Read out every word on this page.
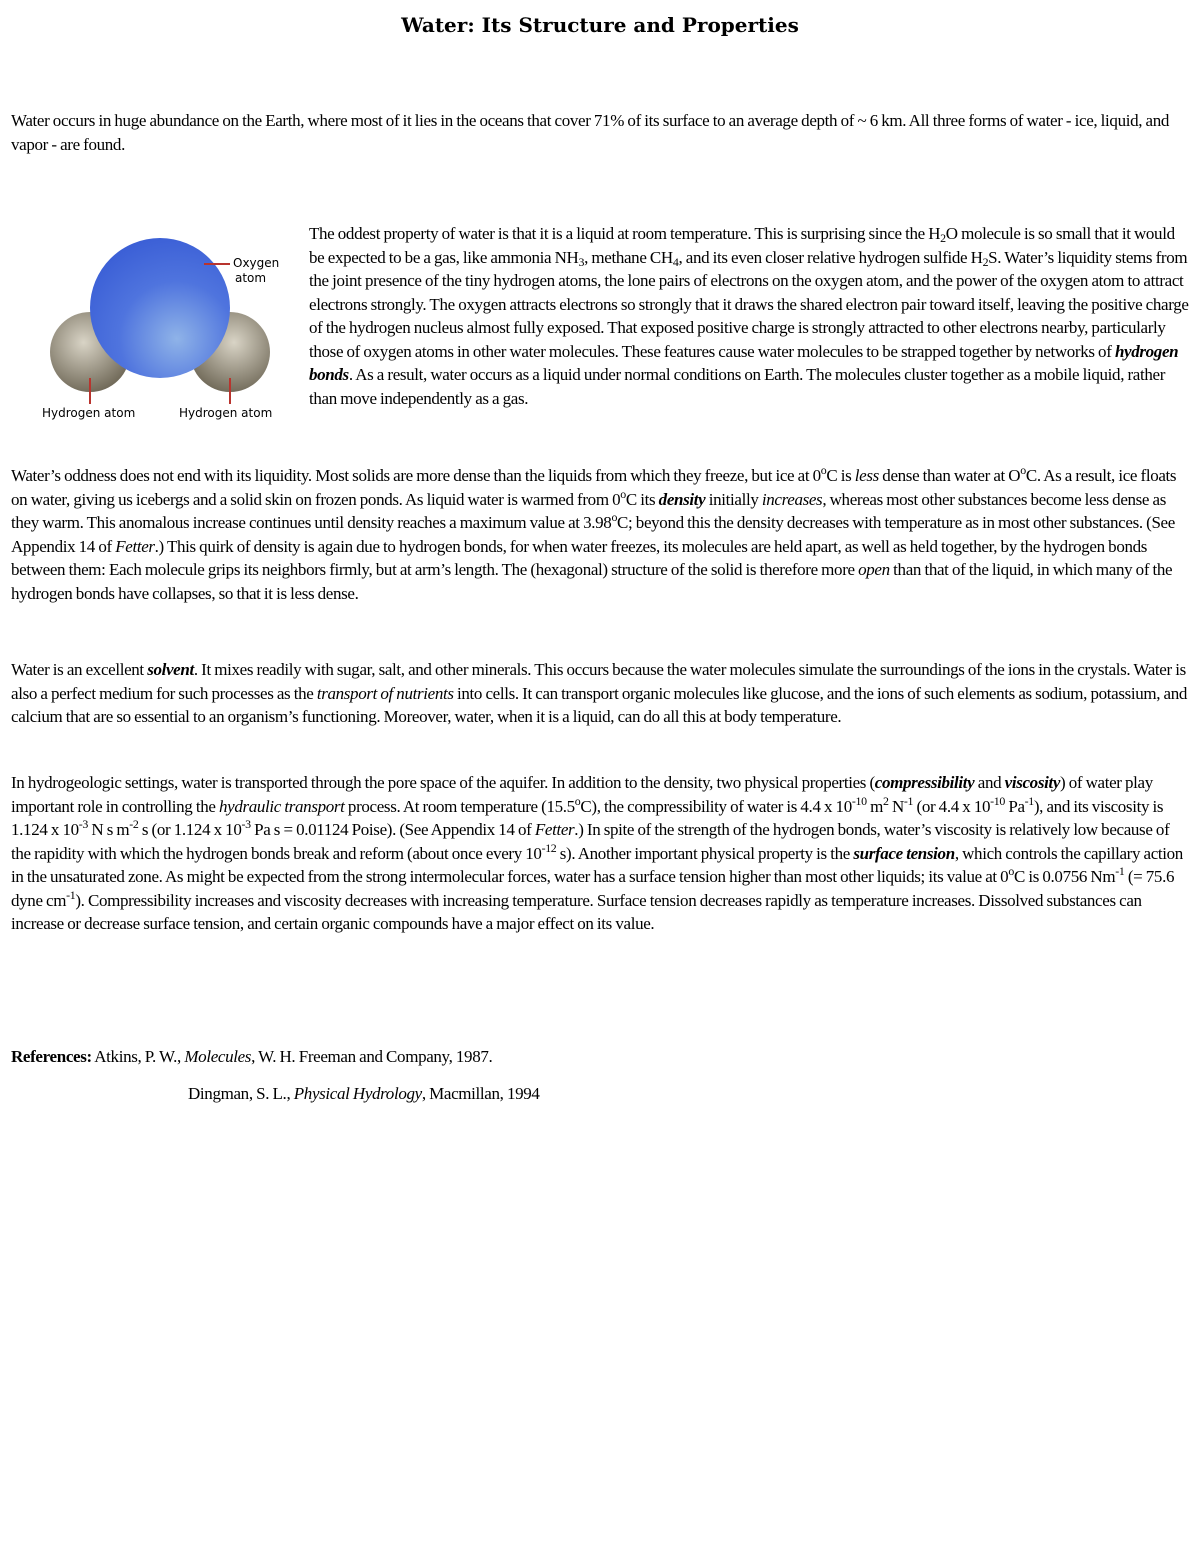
Water: Its Structure and Properties

Water occurs in huge abundance on the Earth, where most of it lies in the oceans that cover 71% of its surface to an average depth of ~ 6 km. All three forms of water - ice, liquid, and vapor - are found.

Oxygen
atom
Hydrogen atom	Hydrogen atom

The oddest property of water is that it is a liquid at room temperature. This is surprising since the $H_2O$ molecule is so small that it would be expected to be a gas, like ammonia $NH_3$, methane $CH_4$, and its even closer relative hydrogen sulfide $H_2S$. Water’s liquidity stems from the joint presence of the tiny hydrogen atoms, the lone pairs of electrons on the oxygen atom, and the power of the oxygen atom to attract electrons strongly. The oxygen attracts electrons so strongly that it draws the shared electron pair toward itself, leaving the positive charge of the hydrogen nucleus almost fully exposed. That exposed positive charge is strongly attracted to other electrons nearby, particularly those of oxygen atoms in other water molecules. These features cause water molecules to be strapped together by networks of hydrogen bonds. As a result, water occurs as a liquid under normal conditions on Earth. The molecules cluster together as a mobile liquid, rather than move independently as a gas.

Water’s oddness does not end with its liquidity. Most solids are more dense than the liquids from which they freeze, but ice at 0$^o$C is less dense than water at $O^oC$. As a result, ice floats on water, giving us icebergs and a solid skin on frozen ponds. As liquid water is warmed from 0$^o$C its density initially increases, whereas most other substances become less dense as they warm. This anomalous increase continues until density reaches a maximum value at 3.98$^o$C; beyond this the density decreases with temperature as in most other substances. (See Appendix 14 of Fetter.) This quirk of density is again due to hydrogen bonds, for when water freezes, its molecules are held apart, as well as held together, by the hydrogen bonds between them: Each molecule grips its neighbors firmly, but at arm’s length. The (hexagonal) structure of the solid is therefore more open than that of the liquid, in which many of the hydrogen bonds have collapses, so that it is less dense.

Water is an excellent solvent. It mixes readily with sugar, salt, and other minerals. This occurs because the water molecules simulate the surroundings of the ions in the crystals. Water is also a perfect medium for such processes as the transport of nutrients into cells. It can transport organic molecules like glucose, and the ions of such elements as sodium, potassium, and calcium that are so essential to an organism’s functioning. Moreover, water, when it is a liquid, can do all this at body temperature.

In hydrogeologic settings, water is transported through the pore space of the aquifer. In addition to the density, two physical properties (compressibility and viscosity) of water play important role in controlling the hydraulic transport process. At room temperature (15.5$^o$C), the compressibility of water is 4.4 x $10^{-10}$ $m^2$ $N^{-1}$ (or 4.4 x $10^{-10}$ $Pa^{-1}$), and its viscosity is 1.124 x $10^{-3}$ N s $m^{-2}$ s (or 1.124 x $10^{-3}$ Pa s = 0.01124 Poise). (See Appendix 14 of Fetter.) In spite of the strength of the hydrogen bonds, water’s viscosity is relatively low because of the rapidity with which the hydrogen bonds break and reform (about once every $10^{-12}$ s). Another important physical property is the surface tension, which controls the capillary action in the unsaturated zone. As might be expected from the strong intermolecular forces, water has a surface tension higher than most other liquids; its value at 0$^o$C is 0.0756 $Nm^{-1}$ (= 75.6 dyne $cm^{-1}$). Compressibility increases and viscosity decreases with increasing temperature. Surface tension decreases rapidly as temperature increases. Dissolved substances can increase or decrease surface tension, and certain organic compounds have a major effect on its value.

References: Atkins, P. W., Molecules, W. H. Freeman and Company, 1987.
Dingman, S. L., Physical Hydrology, Macmillan, 1994
